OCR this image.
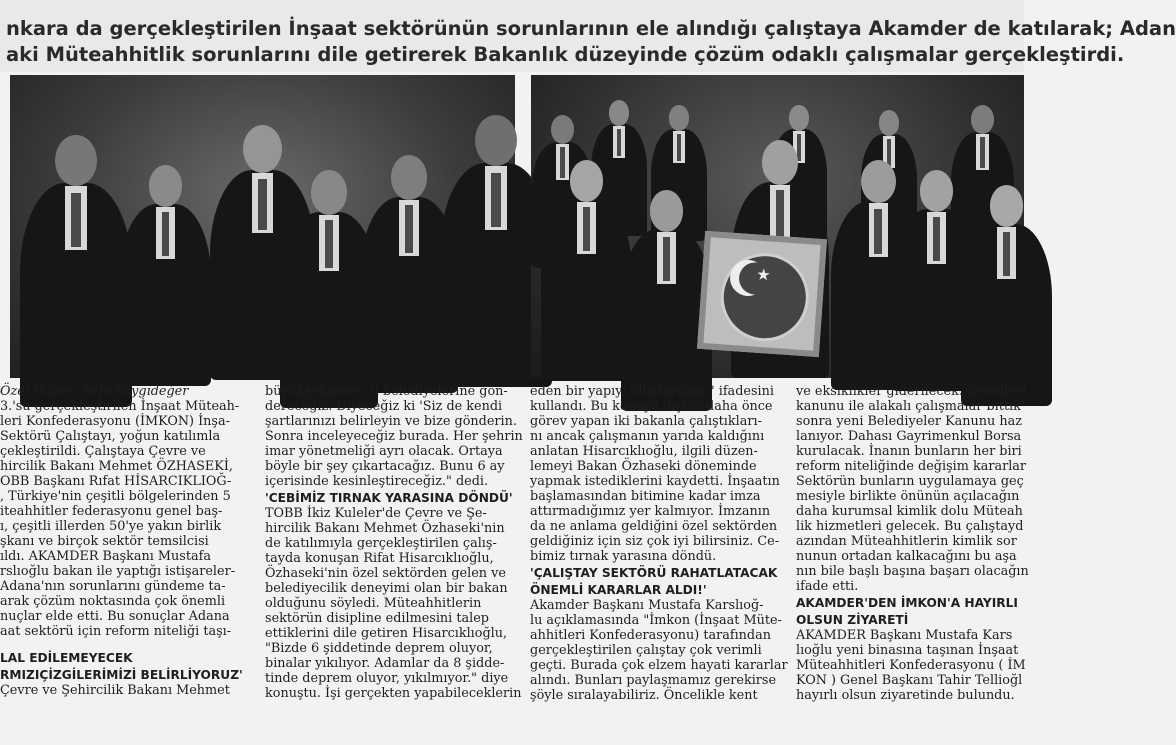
nkara da gerçekleştirilen İnşaat sektörünün sorunlarının ele alındığı çalıştaya Akamder de katılarak; Adan
aki Müteahhitlik sorunlarını dile getirerek Bakanlık düzeyinde çözüm odaklı çalışmalar gerçekleştirdi.
★
Özel Haber: Sefa Saygıdeğer
3.'sü gerçekleştirilen İnşaat Müteah-
leri Konfederasyonu (İMKON) İnşa-
Sektörü Çalıştayı, yoğun katılımla
çekleştirildi. Çalıştaya Çevre ve
hircilik Bakanı Mehmet ÖZHASEKİ,
OBB Başkanı Rıfat HİSARCIKLIOĞ-
, Türkiye'nin çeşitli bölgelerinden 5
iteahhitler federasyonu genel baş-
ı, çeşitli illerden 50'ye yakın birlik
şkanı ve birçok sektör temsilcisi
ıldı. AKAMDER Başkanı Mustafa
rslıoğlu bakan ile yaptığı istişareler-
Adana'nın sorunlarını gündeme ta-
arak çözüm noktasında çok önemli
nuçlar elde etti. Bu sonuçlar Adana
aat sektörü için reform niteliği taşı-
LAL EDİLEMEYECEK
RMIZIÇİZGİLERİMİZİ BELİRLİYORUZ'
Çevre ve Şehircilik Bakanı Mehmet
büyükşehirlere, il belediyelerine gön-
dereceğiz. Diyeceğiz ki 'Siz de kendi
şartlarınızı belirleyin ve bize gönderin.
Sonra inceleyeceğiz burada. Her şehrin
imar yönetmeliği ayrı olacak. Ortaya
böyle bir şey çıkartacağız. Bunu 6 ay
içerisinde kesinleştireceğiz." dedi.
'CEBİMİZ TIRNAK YARASINA DÖNDÜ'
TOBB İkiz Kuleler'de Çevre ve Şe-
hircilik Bakanı Mehmet Özhaseki'nin
de katılımıyla gerçekleştirilen çalış-
tayda konuşan Rifat Hisarcıklıoğlu,
Özhaseki'nin özel sektörden gelen ve
belediyecilik deneyimi olan bir bakan
olduğunu söyledi. Müteahhitlerin
sektörün disipline edilmesini talep
ettiklerini dile getiren Hisarcıklıoğlu,
"Bizde 6 şiddetinde deprem oluyor,
binalar yıkılıyor. Adamlar da 8 şidde-
tinde deprem oluyor, yıkılmıyor." diye
konuştu. İşi gerçekten yapabileceklerin
eden bir yapıyı oluşturalım." ifadesini
kullandı. Bu konuya ilişkin daha önce
görev yapan iki bakanla çalıştıkları-
nı ancak çalışmanın yarıda kaldığını
anlatan Hisarcıklıoğlu, ilgili düzen-
lemeyi Bakan Özhaseki döneminde
yapmak istediklerini kaydetti. İnşaatın
başlamasından bitimine kadar imza
attırmadığımız yer kalmıyor. İmzanın
da ne anlama geldiğini özel sektörden
geldiğiniz için siz çok iyi bilirsiniz. Ce-
bimiz tırnak yarasına döndü.
'ÇALIŞTAY SEKTÖRÜ RAHATLATACAK
ÖNEMLİ KARARLAR ALDI!'
Akamder Başkanı Mustafa Karslıoğ-
lu açıklamasında "İmkon (İnşaat Müte-
ahhitleri Konfederasyonu) tarafından
gerçekleştirilen çalıştay çok verimli
geçti. Burada çok elzem hayati kararlar
alındı. Bunları paylaşmamız gerekirse
şöyle sıralayabiliriz. Öncelikle kent
ve eksiklikler giderilecek. Belediyel
kanunu ile alakalı çalışmalar bittik
sonra yeni Belediyeler Kanunu haz
lanıyor. Dahası Gayrimenkul Borsa
kurulacak. İnanın bunların her biri
reform niteliğinde değişim kararlar
Sektörün bunların uygulamaya geç
mesiyle birlikte önünün açılacağın
daha kurumsal kimlik dolu Müteah
lik hizmetleri gelecek. Bu çalıştayd
azından Müteahhitlerin kimlik sor
nunun ortadan kalkacağını bu aşa
nın bile başlı başına başarı olacağın
ifade etti.
AKAMDER'DEN İMKON'A HAYIRLI
OLSUN ZİYARETİ
AKAMDER Başkanı Mustafa Kars
lıoğlu yeni binasına taşınan İnşaat
Müteahhitleri Konfederasyonu ( İM
KON ) Genel Başkanı Tahir Tellioğl
hayırlı olsun ziyaretinde bulundu.
